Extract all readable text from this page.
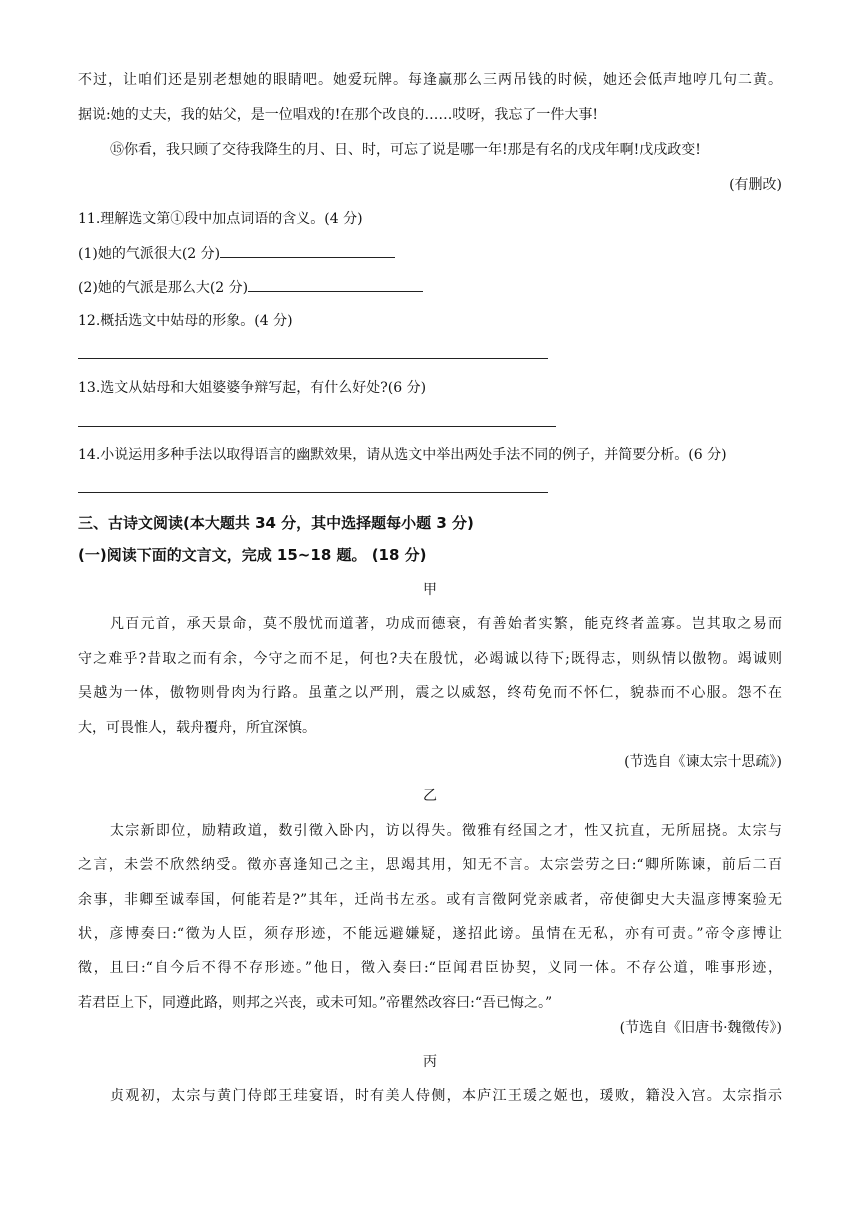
不过，让咱们还是别老想她的眼睛吧。她爱玩牌。每逢赢那么三两吊钱的时候，她还会低声地哼几句二黄。
据说:她的丈夫，我的姑父，是一位唱戏的!在那个改良的……哎呀，我忘了一件大事!
⑮你看，我只顾了交待我降生的月、日、时，可忘了说是哪一年!那是有名的戊戌年啊!戊戌政变!
(有删改)
11.理解选文第①段中加点词语的含义。(4 分)
(1)她的气派很大(2 分)
(2)她的气派是那么大(2 分)
12.概括选文中姑母的形象。(4 分)
13.选文从姑母和大姐婆婆争辩写起，有什么好处?(6 分)
14.小说运用多种手法以取得语言的幽默效果，请从选文中举出两处手法不同的例子，并简要分析。(6 分)
三、古诗文阅读(本大题共 34 分，其中选择题每小题 3 分)
(一)阅读下面的文言文，完成 15~18 题。 (18 分)
甲
凡百元首，承天景命，莫不殷忧而道著，功成而德衰，有善始者实繁，能克终者盖寡。岂其取之易而
守之难乎?昔取之而有余，今守之而不足，何也?夫在殷忧，必竭诚以待下;既得志，则纵情以傲物。竭诚则
吴越为一体，傲物则骨肉为行路。虽董之以严刑，震之以威怒，终苟免而不怀仁，貌恭而不心服。怨不在
大，可畏惟人，载舟覆舟，所宜深慎。
(节选自《谏太宗十思疏》)
乙
太宗新即位，励精政道，数引徵入卧内，访以得失。徵雅有经国之才，性又抗直，无所屈挠。太宗与
之言，未尝不欣然纳受。徵亦喜逢知己之主，思竭其用，知无不言。太宗尝劳之曰:“卿所陈谏，前后二百
余事，非卿至诚奉国，何能若是?”其年，迁尚书左丞。或有言徵阿党亲戚者，帝使御史大夫温彦博案验无
状，彦博奏曰:“徵为人臣，须存形迹，不能远避嫌疑，遂招此谤。虽情在无私，亦有可责。”帝令彦博让
徵，且曰:“自今后不得不存形迹。”他日，徵入奏曰:“臣闻君臣协契，义同一体。不存公道，唯事形迹，
若君臣上下，同遵此路，则邦之兴丧，或未可知。”帝瞿然改容曰:“吾已悔之。”
(节选自《旧唐书·魏徵传》)
丙
贞观初，太宗与黄门侍郎王珪宴语，时有美人侍侧，本庐江王瑗之姬也，瑗败，籍没入宫。太宗指示
